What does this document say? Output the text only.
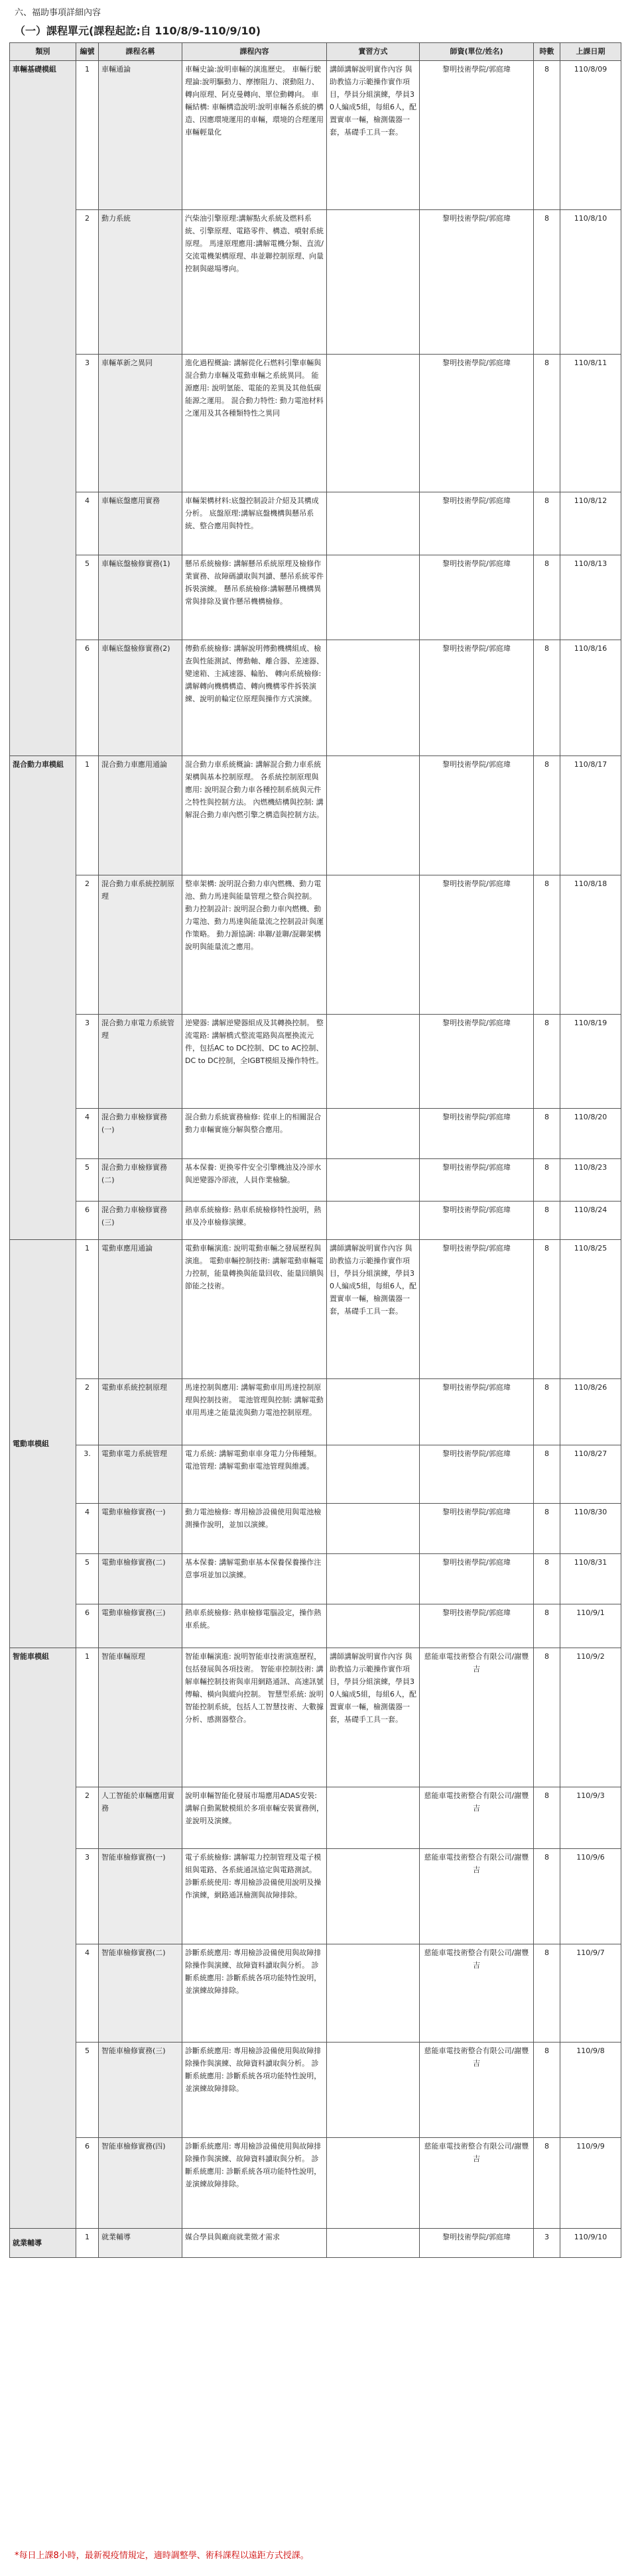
六、福助事項詳細內容
（一）課程單元(課程起訖:自 110/8/9-110/9/10)
類別	編號	課程名稱	課程內容	實習方式	師資(單位/姓名)	時數	上課日期
車輛基礎模組	1	車輛通論	車輛史論:說明車輛的演進歷史。 車輛行駛理論:說明驅動力、摩擦阻力、滾動阻力、轉向原理、阿克曼轉向、單位動轉向。 車輛結構: 車輛構造說明:說明車輛各系統的構造、因應環境運用的車輛，環境的合理運用車輛輕量化	講師講解說明實作內容 與助教協力示範操作實作項目，學員分組演練，學員30人編成5組，每組6人，配置實車一輛，檢測儀器一套，基礎手工具一套。	黎明技術學院/郭庭瑋	8	110/8/09
	2	動力系統	汽柴油引擎原理:講解點火系統及燃料系統、引擎原理、電路零件、構造、噴射系統原理。 馬達原理應用:講解電機分類、直流/交流電機架構原理、串並聯控制原理、向量控制與磁場導向。		黎明技術學院/郭庭瑋	8	110/8/10
	3	車輛革新之異同	進化過程概論: 講解從化石燃料引擎車輛與混合動力車輛及電動車輛之系統異同。 能源應用: 說明氫能、電能的差異及其他低碳能源之運用。 混合動力特性: 動力電池材料之運用及其各種類特性之異同		黎明技術學院/郭庭瑋	8	110/8/11
	4	車輛底盤應用實務	車輛架構材料:底盤控制設計介紹及其構成分析。 底盤原理:講解底盤機構與懸吊系統、整合應用與特性。		黎明技術學院/郭庭瑋	8	110/8/12
	5	車輛底盤檢修實務(1)	懸吊系統檢修: 講解懸吊系統原理及檢修作業實務、故障碼讀取與判讀、懸吊系統零件拆裝演練。 懸吊系統檢修:講解懸吊機構異常與排除及實作懸吊機構檢修。		黎明技術學院/郭庭瑋	8	110/8/13
	6	車輛底盤檢修實務(2)	傳動系統檢修: 講解說明傳動機構組成、檢查與性能測試、傳動軸、離合器、差速器、變速箱、主減速器、輪胎、 轉向系統檢修: 講解轉向機構構造、轉向機構零件拆裝演練、說明前輪定位原理與操作方式演練。		黎明技術學院/郭庭瑋	8	110/8/16
混合動力車模組	1	混合動力車應用通論	混合動力車系統概論: 講解混合動力車系統架構與基本控制原理。 各系統控制原理與應用: 說明混合動力車各種控制系統與元件之特性與控制方法。 內燃機結構與控制: 講解混合動力車內燃引擎之構造與控制方法。		黎明技術學院/郭庭瑋	8	110/8/17
	2	混合動力車系統控制原理	整車架構: 說明混合動力車內燃機、動力電池、動力馬達與能量管理之整合與控制。 動力控制設計: 說明混合動力車內燃機、動力電池、動力馬達與能量流之控制設計與運作策略。 動力源協調: 串聯/並聯/混聯架構說明與能量流之應用。		黎明技術學院/郭庭瑋	8	110/8/18
	3	混合動力車電力系統管理	逆變器: 講解逆變器組成及其轉換控制。 整流電路: 講解橋式整流電路與高壓換流元件，包括AC to DC控制、DC to AC控制、DC to DC控制，全IGBT模組及操作特性。		黎明技術學院/郭庭瑋	8	110/8/19
	4	混合動力車檢修實務(一)	混合動力系統實務檢修: 從車上的相關混合動力車輛實施分解與整合應用。		黎明技術學院/郭庭瑋	8	110/8/20
	5	混合動力車檢修實務(二)	基本保養: 更換零件安全引擎機油及冷卻水與逆變器冷卻液，人員作業檢驗。		黎明技術學院/郭庭瑋	8	110/8/23
	6	混合動力車檢修實務(三)	熱車系統檢修: 熱車系統檢修特性說明，熱車及冷車檢修演練。		黎明技術學院/郭庭瑋	8	110/8/24
電動車模組	1	電動車應用通論	電動車輛演進: 說明電動車輛之發展歷程與演進。 電動車輛控制技術: 講解電動車輛電力控制，能量轉換與能量回收、能量回饋與節能之技術。	講師講解說明實作內容 與助教協力示範操作實作項目，學員分組演練，學員30人編成5組，每組6人，配置實車一輛，檢測儀器一套，基礎手工具一套。	黎明技術學院/郭庭瑋	8	110/8/25
	2	電動車系統控制原理	馬達控制與應用: 講解電動車用馬達控制原理與控制技術。 電池管理與控制: 講解電動車用馬達之能量流與動力電池控制原理。		黎明技術學院/郭庭瑋	8	110/8/26
	3.	電動車電力系統管理	電力系統: 講解電動車車身電力分佈種類。 電池管理: 講解電動車電池管理與維護。		黎明技術學院/郭庭瑋	8	110/8/27
	4	電動車檢修實務(一)	動力電池檢修: 專用檢診設備使用與電池檢測操作說明，並加以演練。		黎明技術學院/郭庭瑋	8	110/8/30
	5	電動車檢修實務(二)	基本保養: 講解電動車基本保養保養操作注意事項並加以演練。		黎明技術學院/郭庭瑋	8	110/8/31
	6	電動車檢修實務(三)	熱車系統檢修: 熱車檢修電腦設定，操作熱車系統。		黎明技術學院/郭庭瑋	8	110/9/1
智能車模組	1	智能車輛原理	智能車輛演進: 說明智能車技術演進歷程，包括發展與各項技術。 智能車控制技術: 講解車輛控制技術與車用網路通訊、高速訊號傳輸、橫向與縱向控制。 智慧型系統: 說明智能控制系統，包括人工智慧技術、大數據分析、感測器整合。	講師講解說明實作內容 與助教協力示範操作實作項目，學員分組演練，學員30人編成5組，每組6人，配置實車一輛，檢測儀器一套，基礎手工具一套。	慈能車電技術整合有限公司/謝豐吉	8	110/9/2
	2	人工智能於車輛應用實務	說明車輛智能化發展市場應用ADAS安裝: 講解自動駕駛模組於多項車輛安裝實務例，並說明及演練。		慈能車電技術整合有限公司/謝豐吉	8	110/9/3
	3	智能車檢修實務(一)	電子系統檢修: 講解電力控制管理及電子模組與電路、各系統通訊協定與電路測試。 診斷系統使用: 專用檢診設備使用說明及操作演練，網路通訊檢測與故障排除。		慈能車電技術整合有限公司/謝豐吉	8	110/9/6
	4	智能車檢修實務(二)	診斷系統應用: 專用檢診設備使用與故障排除操作與演練、故障資料讀取與分析。 診斷系統應用: 診斷系統各項功能特性說明，並演練故障排除。		慈能車電技術整合有限公司/謝豐吉	8	110/9/7
	5	智能車檢修實務(三)	診斷系統應用: 專用檢診設備使用與故障排除操作與演練、故障資料讀取與分析。 診斷系統應用: 診斷系統各項功能特性說明，並演練故障排除。		慈能車電技術整合有限公司/謝豐吉	8	110/9/8
	6	智能車檢修實務(四)	診斷系統應用: 專用檢診設備使用與故障排除操作與演練、故障資料讀取與分析。 診斷系統應用: 診斷系統各項功能特性說明，並演練故障排除。		慈能車電技術整合有限公司/謝豐吉	8	110/9/9
就業輔導	1	就業輔導	媒合學員與廠商就業徵才需求		黎明技術學院/郭庭瑋	3	110/9/10
*每日上課8小時，最新視疫情規定，適時調整學、術科課程以遠距方式授課。
